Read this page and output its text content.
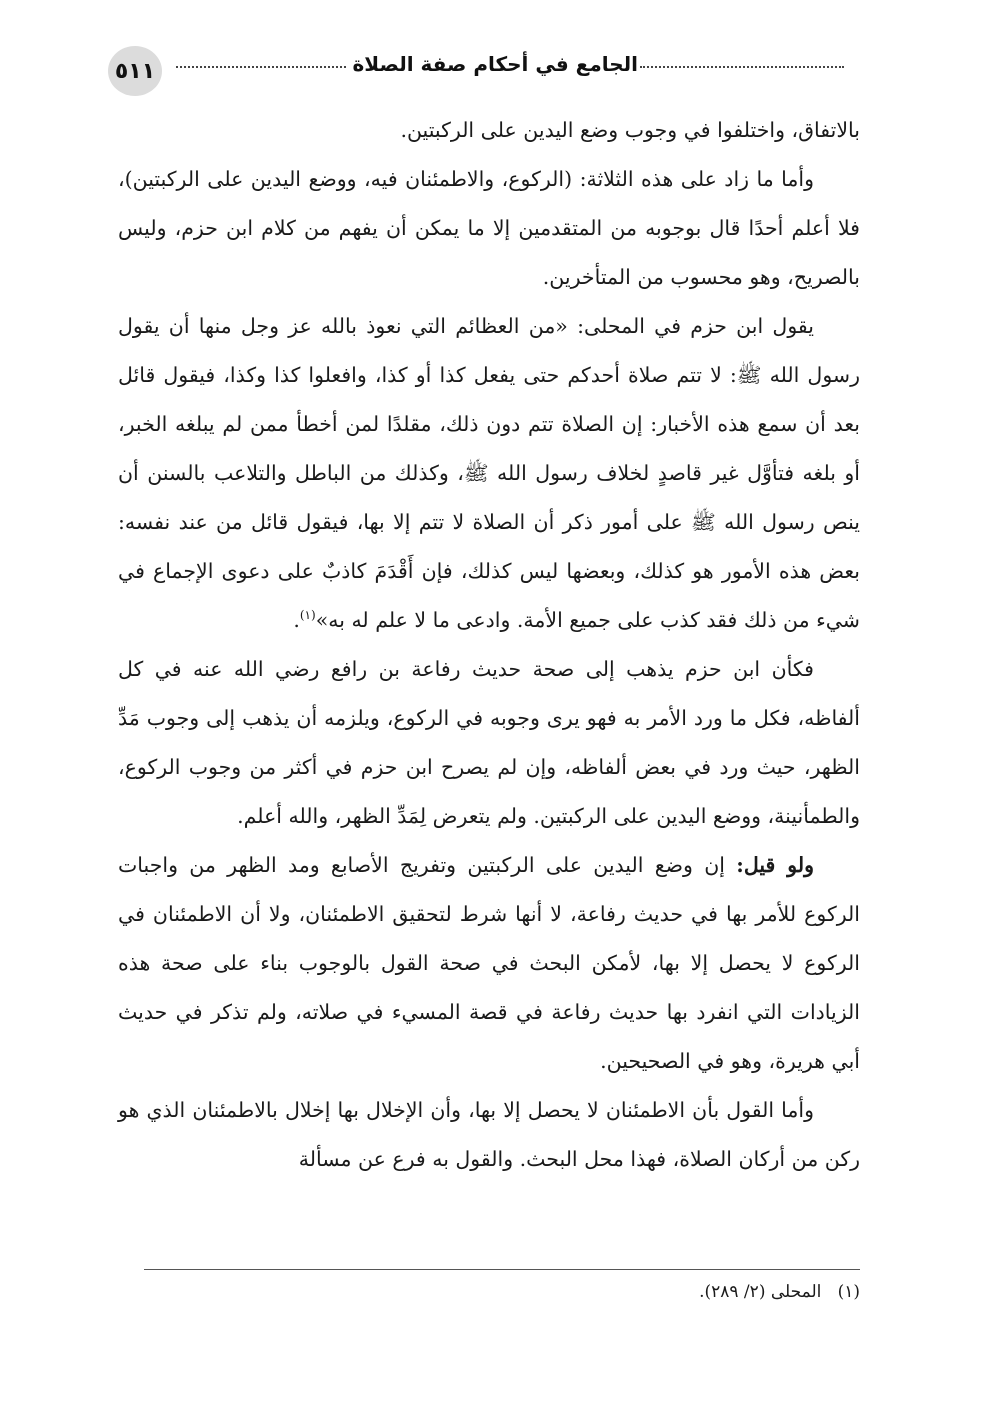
٥١١	الجامع في أحكام صفة الصلاة

بالاتفاق، واختلفوا في وجوب وضع اليدين على الركبتين.

وأما ما زاد على هذه الثلاثة: (الركوع، والاطمئنان فيه، ووضع اليدين على الركبتين)، فلا أعلم أحدًا قال بوجوبه من المتقدمين إلا ما يمكن أن يفهم من كلام ابن حزم، وليس بالصريح، وهو محسوب من المتأخرين.

يقول ابن حزم في المحلى: «من العظائم التي نعوذ بالله عز وجل منها أن يقول رسول الله ﷺ: لا تتم صلاة أحدكم حتى يفعل كذا أو كذا، وافعلوا كذا وكذا، فيقول قائل بعد أن سمع هذه الأخبار: إن الصلاة تتم دون ذلك، مقلدًا لمن أخطأ ممن لم يبلغه الخبر، أو بلغه فتأوَّل غير قاصدٍ لخلاف رسول الله ﷺ، وكذلك من الباطل والتلاعب بالسنن أن ينص رسول الله ﷺ على أمور ذكر أن الصلاة لا تتم إلا بها، فيقول قائل من عند نفسه: بعض هذه الأمور هو كذلك، وبعضها ليس كذلك، فإن أَقْدَمَ كاذبٌ على دعوى الإجماع في شيء من ذلك فقد كذب على جميع الأمة. وادعى ما لا علم له به»$^{(١)}$.

فكأن ابن حزم يذهب إلى صحة حديث رفاعة بن رافع رضي الله عنه في كل ألفاظه، فكل ما ورد الأمر به فهو يرى وجوبه في الركوع، ويلزمه أن يذهب إلى وجوب مَدِّ الظهر، حيث ورد في بعض ألفاظه، وإن لم يصرح ابن حزم في أكثر من وجوب الركوع، والطمأنينة، ووضع اليدين على الركبتين. ولم يتعرض لِمَدِّ الظهر، والله أعلم.

ولو قيل: إن وضع اليدين على الركبتين وتفريج الأصابع ومد الظهر من واجبات الركوع للأمر بها في حديث رفاعة، لا أنها شرط لتحقيق الاطمئنان، ولا أن الاطمئنان في الركوع لا يحصل إلا بها، لأمكن البحث في صحة القول بالوجوب بناء على صحة هذه الزيادات التي انفرد بها حديث رفاعة في قصة المسيء في صلاته، ولم تذكر في حديث أبي هريرة، وهو في الصحيحين.

وأما القول بأن الاطمئنان لا يحصل إلا بها، وأن الإخلال بها إخلال بالاطمئنان الذي هو ركن من أركان الصلاة، فهذا محل البحث. والقول به فرع عن مسألة

(١)   المحلى (٢/ ٢٨٩).
